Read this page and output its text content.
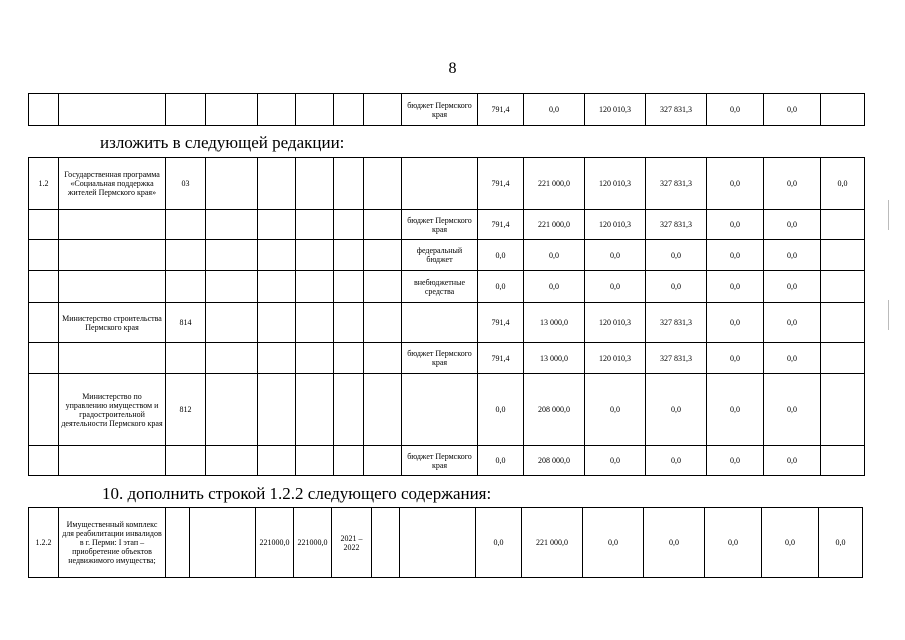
8
								бюджет Пермского края	791,4	0,0	120 010,3	327 831,3	0,0	0,0	
изложить в следующей редакции:
1.2	Государственная программа «Социальная поддержка жителей Пермского края»	03							791,4	221 000,0	120 010,3	327 831,3	0,0	0,0	0,0
								бюджет Пермского края	791,4	221 000,0	120 010,3	327 831,3	0,0	0,0	
								федеральный бюджет	0,0	0,0	0,0	0,0	0,0	0,0	
								внебюджетные средства	0,0	0,0	0,0	0,0	0,0	0,0	
	Министерство строительства Пермского края	814							791,4	13 000,0	120 010,3	327 831,3	0,0	0,0	
								бюджет Пермского края	791,4	13 000,0	120 010,3	327 831,3	0,0	0,0	
	Министерство по управлению имуществом и градостроительной деятельности Пермского края	812							0,0	208 000,0	0,0	0,0	0,0	0,0	
								бюджет Пермского края	0,0	208 000,0	0,0	0,0	0,0	0,0	
10. дополнить строкой 1.2.2 следующего содержания:
1.2.2	Имущественный комплекс для реабилитации инвалидов в г. Перми: I этап – приобретение объектов недвижимого имущества;			221000,0	221000,0	2021 – 2022			0,0	221 000,0	0,0	0,0	0,0	0,0	0,0
